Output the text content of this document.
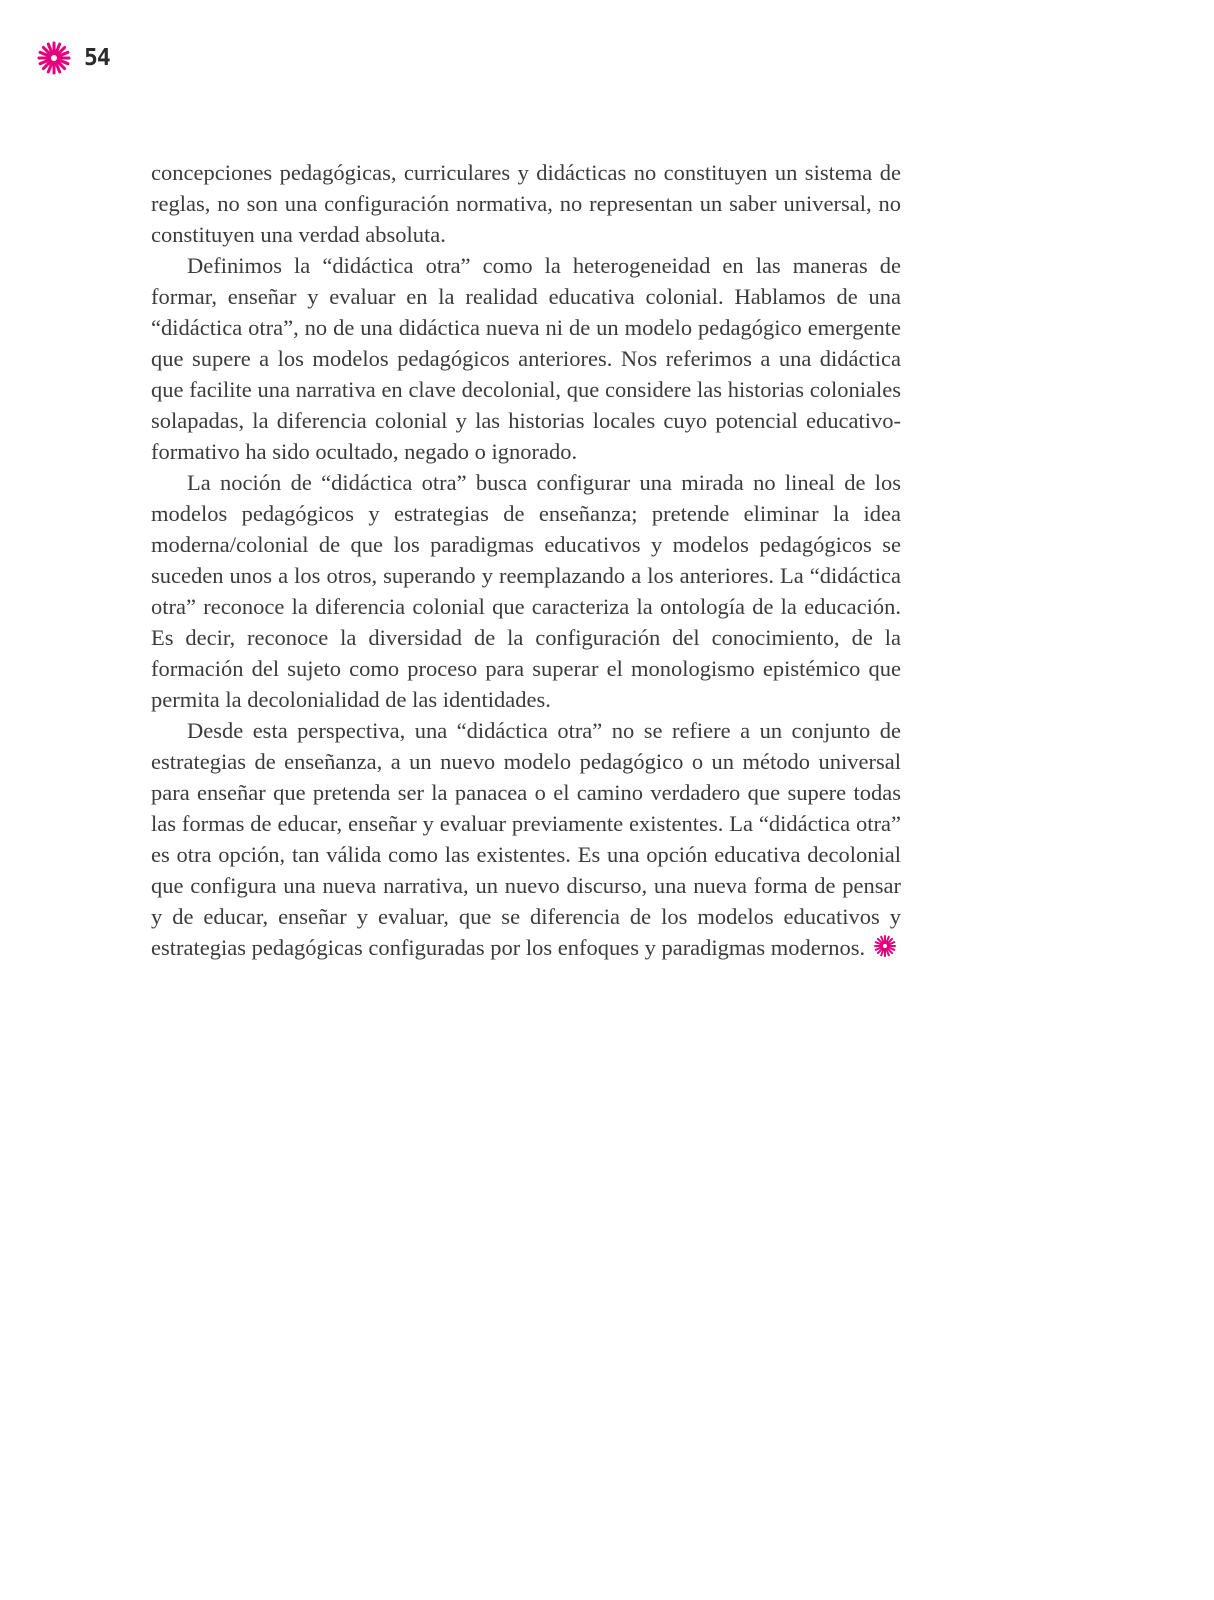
54

concepciones pedagógicas, curriculares y didácticas no constituyen un sistema de reglas, no son una configuración normativa, no representan un saber universal, no constituyen una verdad absoluta.

Definimos la “didáctica otra” como la heterogeneidad en las maneras de formar, enseñar y evaluar en la realidad educativa colonial. Hablamos de una “didáctica otra”, no de una didáctica nueva ni de un modelo pedagógico emergente que supere a los modelos pedagógicos anteriores. Nos referimos a una didáctica que facilite una narrativa en clave decolonial, que considere las historias coloniales solapadas, la diferencia colonial y las historias locales cuyo potencial educativo-formativo ha sido ocultado, negado o ignorado.

La noción de “didáctica otra” busca configurar una mirada no lineal de los modelos pedagógicos y estrategias de enseñanza; pretende eliminar la idea moderna/colonial de que los paradigmas educativos y modelos pedagógicos se suceden unos a los otros, superando y reemplazando a los anteriores. La “didáctica otra” reconoce la diferencia colonial que caracteriza la ontología de la educación. Es decir, reconoce la diversidad de la configuración del conocimiento, de la formación del sujeto como proceso para superar el monologismo epistémico que permita la decolonialidad de las identidades.

Desde esta perspectiva, una “didáctica otra” no se refiere a un conjunto de estrategias de enseñanza, a un nuevo modelo pedagógico o un método universal para enseñar que pretenda ser la panacea o el camino verdadero que supere todas las formas de educar, enseñar y evaluar previamente existentes. La “didáctica otra” es otra opción, tan válida como las existentes. Es una opción educativa decolonial que configura una nueva narrativa, un nuevo discurso, una nueva forma de pensar y de educar, enseñar y evaluar, que se diferencia de los modelos educativos y estrategias pedagógicas configuradas por los enfoques y paradigmas modernos.
